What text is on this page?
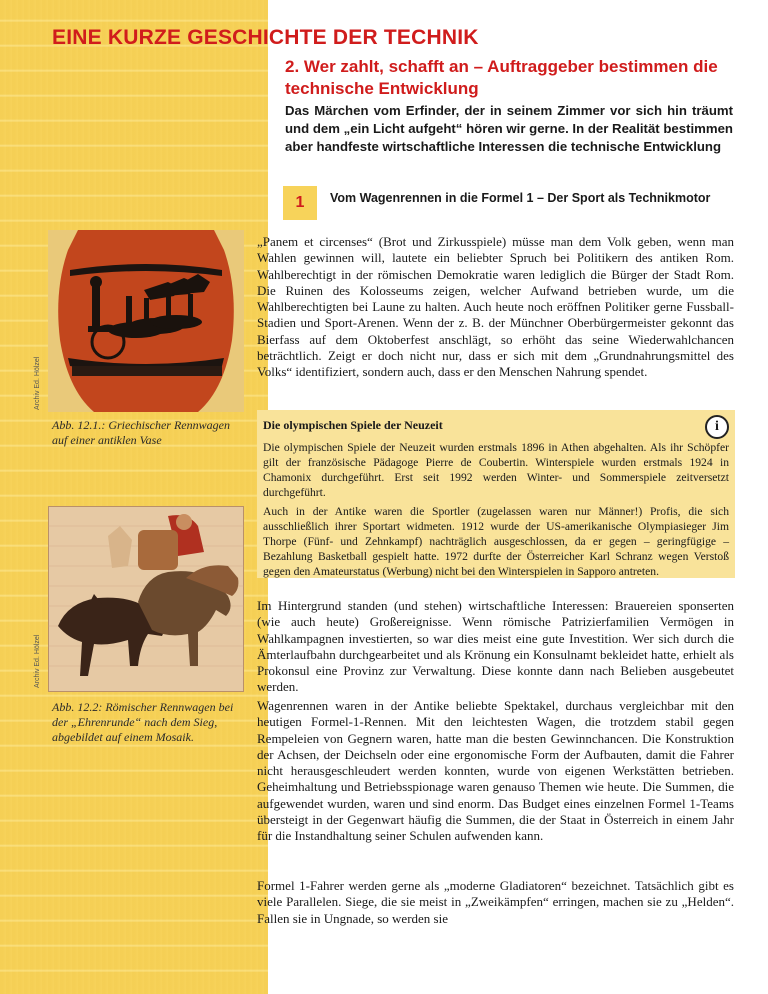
EINE KURZE GESCHICHTE DER TECHNIK
2. Wer zahlt, schafft an – Auftraggeber bestimmen die technische Entwicklung

Das Märchen vom Erfinder, der in seinem Zimmer vor sich hin träumt und dem „ein Licht aufgeht“ hören wir gerne. In der Realität bestimmen aber handfeste wirtschaftliche Interessen die technische Entwicklung

1	Vom Wagenrennen in die Formel 1 – Der Sport als Technikmotor
Archiv Ed. Hölzel

Abb. 12.1.: Griechischer Rennwagen auf einer antiklen Vase

Archiv Ed. Hölzel

Abb. 12.2: Römischer Rennwagen bei der „Ehrenrunde“ nach dem Sieg, abgebildet auf einem Mosaik.

„Panem et circenses“ (Brot und Zirkusspiele) müsse man dem Volk geben, wenn man Wahlen gewinnen will, lautete ein beliebter Spruch bei Politikern des antiken Rom. Wahlberechtigt in der römischen Demokratie waren lediglich die Bürger der Stadt Rom. Die Ruinen des Kolosseums zeigen, welcher Aufwand betrieben wurde, um die Wahlberechtigten bei Laune zu halten. Auch heute noch eröffnen Politiker gerne Fussball-Stadien und Sport-Arenen. Wenn der z. B. der Münchner Oberbürgermeister gekonnt das Bierfass auf dem Oktoberfest anschlägt, so erhöht das seine Wiederwahlchancen beträchtlich. Zeigt er doch nicht nur, dass er sich mit dem „Grundnahrungsmittel des Volks“ identifiziert, sondern auch, dass er den Menschen Nahrung spendet.

Die olympischen Spiele der Neuzeit	i

Die olympischen Spiele der Neuzeit wurden erstmals 1896 in Athen abgehalten. Als ihr Schöpfer gilt der französische Pädagoge Pierre de Coubertin. Winterspiele wurden erstmals 1924 in Chamonix durchgeführt. Erst seit 1992 werden Winter- und Sommerspiele zeitversetzt durchgeführt.

Auch in der Antike waren die Sportler (zugelassen waren nur Männer!) Profis, die sich ausschließlich ihrer Sportart widmeten. 1912 wurde der US-amerikanische Olympiasieger Jim Thorpe (Fünf- und Zehnkampf) nachträglich ausgeschlossen, da er gegen – geringfügige – Bezahlung Basketball gespielt hatte. 1972 durfte der Österreicher Karl Schranz wegen Verstoß gegen den Amateurstatus (Werbung) nicht bei den Winterspielen in Sapporo antreten.

Im Hintergrund standen (und stehen) wirtschaftliche Interessen: Brauereien sponserten (wie auch heute) Großereignisse. Wenn römische Patrizierfamilien Vermögen in Wahlkampagnen investierten, so war dies meist eine gute Investition. Wer sich durch die Ämterlaufbahn durchgearbeitet und als Krönung ein Konsulnamt bekleidet hatte, erhielt als Prokonsul eine Provinz zur Verwaltung. Diese konnte dann nach Belieben ausgebeutet werden.

Wagenrennen waren in der Antike beliebte Spektakel, durchaus vergleichbar mit den heutigen Formel-1-Rennen. Mit den leichtesten Wagen, die trotzdem stabil gegen Rempeleien von Gegnern waren, hatte man die besten Gewinnchancen. Die Konstruktion der Achsen, der Deichseln oder eine ergonomische Form der Aufbauten, damit die Fahrer nicht herausgeschleudert werden konnten, wurde von eigenen Werkstätten betrieben. Geheimhaltung und Betriebsspionage waren genauso Themen wie heute. Die Summen, die aufgewendet wurden, waren und sind enorm. Das Budget eines einzelnen Formel 1-Teams übersteigt in der Gegenwart häufig die Summen, die der Staat in Österreich in einem Jahr für die Instandhaltung seiner Schulen aufwenden kann.

Formel 1-Fahrer werden gerne als „moderne Gladiatoren“ bezeichnet. Tatsächlich gibt es viele Parallelen. Siege, die sie meist in „Zweikämpfen“ erringen, machen sie zu „Helden“. Fallen sie in Ungnade, so werden sie
